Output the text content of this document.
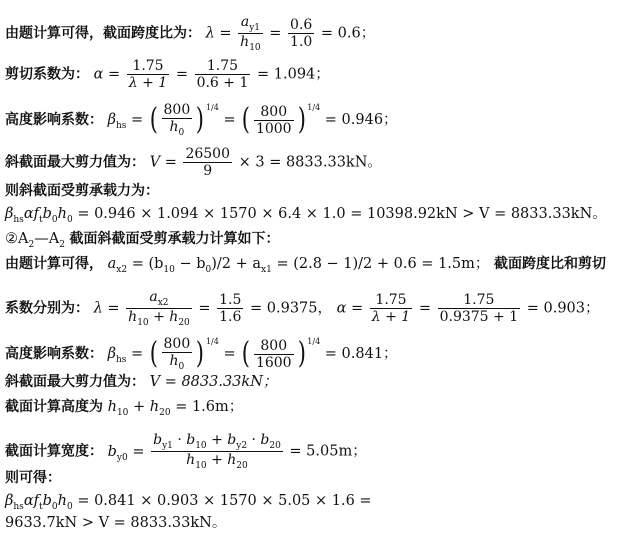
由题计算可得，截面跨度比为： $\lambda = \frac{a_{y1}}{h_{10}} = \frac{0.6}{1.0} = 0.6$；
剪切系数为： $\alpha = \frac{1.75}{\lambda + 1} = \frac{1.75}{0.6 + 1} = 1.094$；
高度影响系数： $\beta_{hs}$ = ( $\frac{800}{h_0}$ ) $^{1/4}$ = ( $\frac{800}{1000}$ ) $^{1/4}$ = 0.946；
斜截面最大剪力值为： $V = \frac{26500}{9} \times 3 = 8833.33kN$。
则斜截面受剪承载力为：
$\beta_{hs}\alpha f_tb_0h_0 = 0.946 \times 1.094 \times 1570 \times 6.4 \times 1.0 = 10398.92kN > V = 8833.33kN$。
$②A_2—A_2$ 截面斜截面受剪承载力计算如下：
由题计算可得， $a_{x2} = (b_{10} - b_0)/2 + a_{x1} = (2.8 - 1)/2 + 0.6 = 1.5m$； 截面跨度比和剪切
系数分别为： $\lambda = \frac{a_{x2}}{h_{10} + h_{20}} = \frac{1.5}{1.6} = 0.9375$， $\alpha = \frac{1.75}{\lambda + 1} = \frac{1.75}{0.9375 + 1} = 0.903$；
高度影响系数： $\beta_{hs}$ = ( $\frac{800}{h_0}$ ) $^{1/4}$ = ( $\frac{800}{1600}$ ) $^{1/4}$ = 0.841；
斜截面最大剪力值为： V = 8833.33kN；
截面计算高度为 $h_{10} + h_{20} = 1.6m$；
截面计算宽度： $b_{y0} = \frac{b_{y1} \cdot b_{10} + b_{y2} \cdot b_{20}}{h_{10} + h_{20}} = 5.05m$；
则可得：
$\beta_{hs}\alpha f_tb_0h_0 = 0.841 \times 0.903 \times 1570 \times 5.05 \times 1.6$ =
9633.7kN > V = 8833.33kN。
